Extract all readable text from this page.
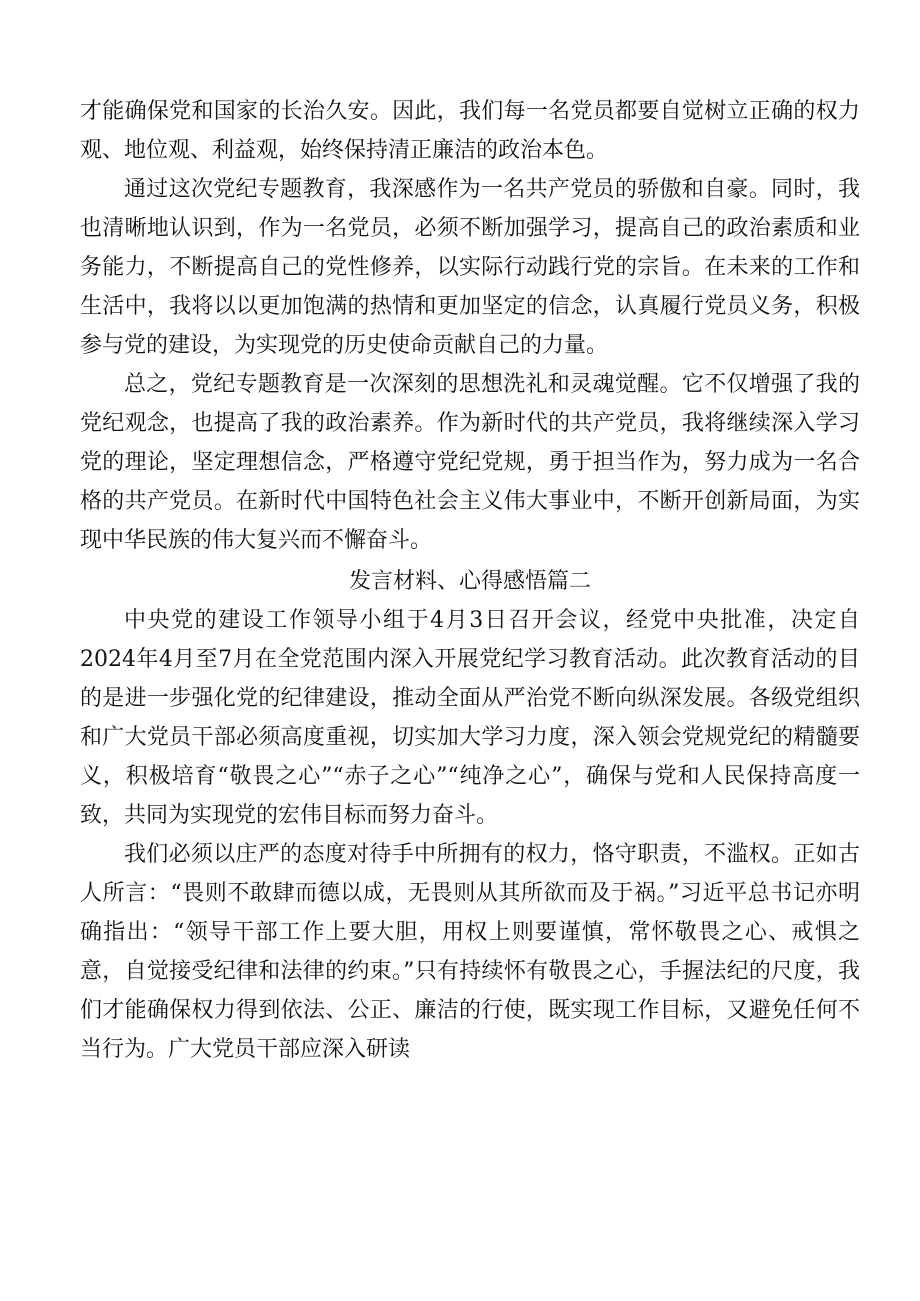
才能确保党和国家的长治久安。因此，我们每一名党员都要自觉树立正确的权力观、地位观、利益观，始终保持清正廉洁的政治本色。

通过这次党纪专题教育，我深感作为一名共产党员的骄傲和自豪。同时，我也清晰地认识到，作为一名党员，必须不断加强学习，提高自己的政治素质和业务能力，不断提高自己的党性修养，以实际行动践行党的宗旨。在未来的工作和生活中，我将以以更加饱满的热情和更加坚定的信念，认真履行党员义务，积极参与党的建设，为实现党的历史使命贡献自己的力量。

总之，党纪专题教育是一次深刻的思想洗礼和灵魂觉醒。它不仅增强了我的党纪观念，也提高了我的政治素养。作为新时代的共产党员，我将继续深入学习党的理论，坚定理想信念，严格遵守党纪党规，勇于担当作为，努力成为一名合格的共产党员。在新时代中国特色社会主义伟大事业中，不断开创新局面，为实现中华民族的伟大复兴而不懈奋斗。

发言材料、心得感悟篇二

中央党的建设工作领导小组于4月3日召开会议，经党中央批准，决定自2024年4月至7月在全党范围内深入开展党纪学习教育活动。此次教育活动的目的是进一步强化党的纪律建设，推动全面从严治党不断向纵深发展。各级党组织和广大党员干部必须高度重视，切实加大学习力度，深入领会党规党纪的精髓要义，积极培育“敬畏之心”“赤子之心”“纯净之心”，确保与党和人民保持高度一致，共同为实现党的宏伟目标而努力奋斗。

我们必须以庄严的态度对待手中所拥有的权力，恪守职责，不滥权。正如古人所言：“畏则不敢肆而德以成，无畏则从其所欲而及于祸。”习近平总书记亦明确指出：“领导干部工作上要大胆，用权上则要谨慎，常怀敬畏之心、戒惧之意，自觉接受纪律和法律的约束。”只有持续怀有敬畏之心，手握法纪的尺度，我们才能确保权力得到依法、公正、廉洁的行使，既实现工作目标，又避免任何不当行为。广大党员干部应深入研读
